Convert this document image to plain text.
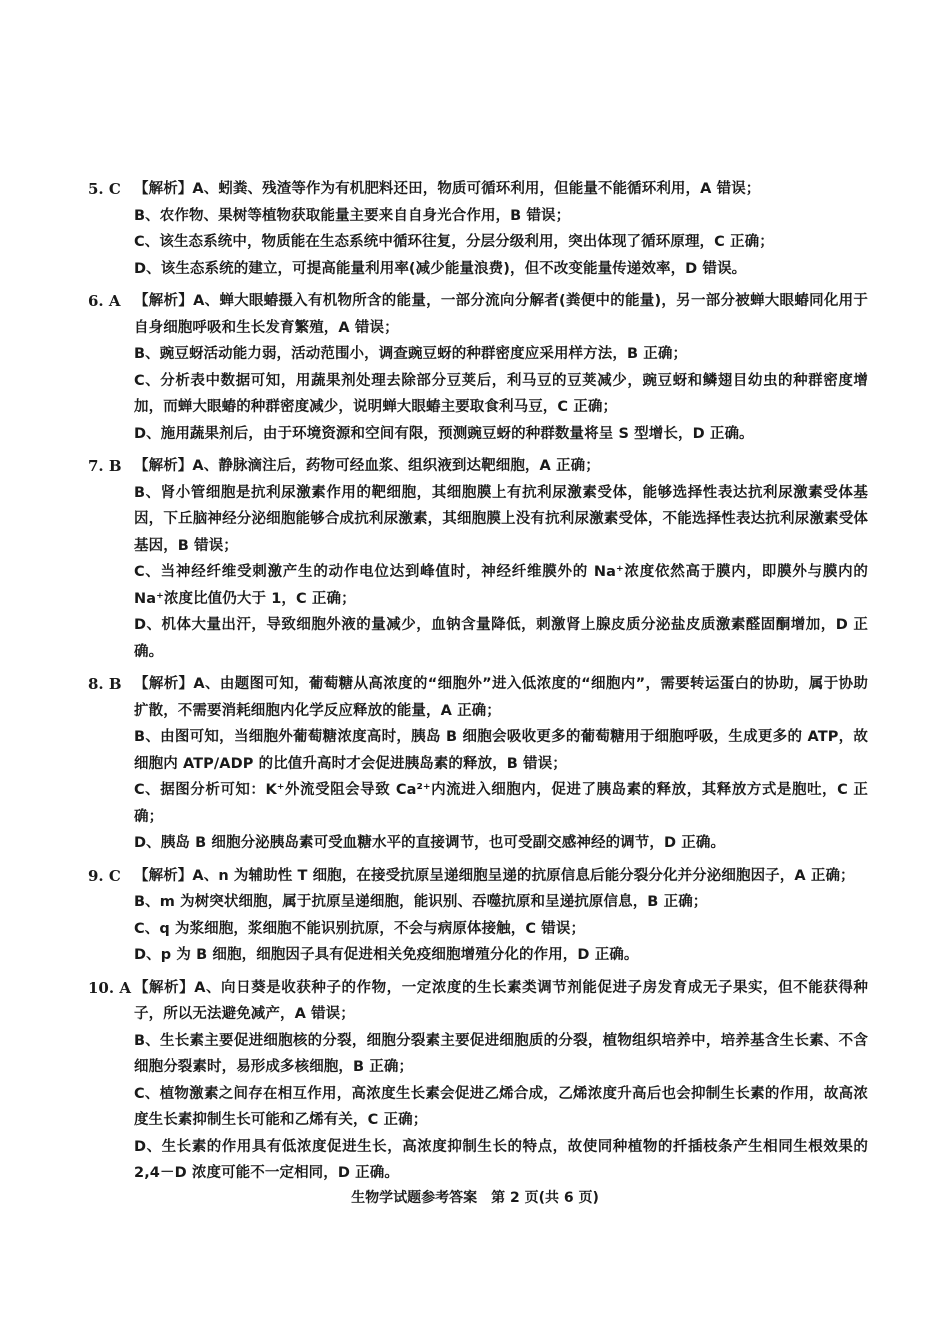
5. C 【解析】A、蚓粪、残渣等作为有机肥料还田，物质可循环利用，但能量不能循环利用，A 错误；

B、农作物、果树等植物获取能量主要来自自身光合作用，B 错误；

C、该生态系统中，物质能在生态系统中循环往复，分层分级利用，突出体现了循环原理，C 正确；

D、该生态系统的建立，可提高能量利用率(减少能量浪费)，但不改变能量传递效率，D 错误。

6. A 【解析】A、蝉大眼蝽摄入有机物所含的能量，一部分流向分解者(粪便中的能量)，另一部分被蝉大眼蝽同化用于自身细胞呼吸和生长发育繁殖，A 错误；

B、豌豆蚜活动能力弱，活动范围小，调查豌豆蚜的种群密度应采用样方法，B 正确；

C、分析表中数据可知，用蔬果剂处理去除部分豆荚后，利马豆的豆荚减少，豌豆蚜和鳞翅目幼虫的种群密度增加，而蝉大眼蝽的种群密度减少，说明蝉大眼蝽主要取食利马豆，C 正确；

D、施用蔬果剂后，由于环境资源和空间有限，预测豌豆蚜的种群数量将呈 S 型增长，D 正确。

7. B 【解析】A、静脉滴注后，药物可经血浆、组织液到达靶细胞，A 正确；

B、肾小管细胞是抗利尿激素作用的靶细胞，其细胞膜上有抗利尿激素受体，能够选择性表达抗利尿激素受体基因，下丘脑神经分泌细胞能够合成抗利尿激素，其细胞膜上没有抗利尿激素受体，不能选择性表达抗利尿激素受体基因，B 错误；

C、当神经纤维受刺激产生的动作电位达到峰值时，神经纤维膜外的 Na⁺浓度依然高于膜内，即膜外与膜内的 Na⁺浓度比值仍大于 1，C 正确；

D、机体大量出汗，导致细胞外液的量减少，血钠含量降低，刺激肾上腺皮质分泌盐皮质激素醛固酮增加，D 正确。

8. B 【解析】A、由题图可知，葡萄糖从高浓度的“细胞外”进入低浓度的“细胞内”，需要转运蛋白的协助，属于协助扩散，不需要消耗细胞内化学反应释放的能量，A 正确；

B、由图可知，当细胞外葡萄糖浓度高时，胰岛 B 细胞会吸收更多的葡萄糖用于细胞呼吸，生成更多的 ATP，故细胞内 ATP/ADP 的比值升高时才会促进胰岛素的释放，B 错误；

C、据图分析可知：K⁺外流受阻会导致 Ca²⁺内流进入细胞内，促进了胰岛素的释放，其释放方式是胞吐，C 正确；

D、胰岛 B 细胞分泌胰岛素可受血糖水平的直接调节，也可受副交感神经的调节，D 正确。

9. C 【解析】A、n 为辅助性 T 细胞，在接受抗原呈递细胞呈递的抗原信息后能分裂分化并分泌细胞因子，A 正确；

B、m 为树突状细胞，属于抗原呈递细胞，能识别、吞噬抗原和呈递抗原信息，B 正确；

C、q 为浆细胞，浆细胞不能识别抗原，不会与病原体接触，C 错误；

D、p 为 B 细胞，细胞因子具有促进相关免疫细胞增殖分化的作用，D 正确。

10. A 【解析】A、向日葵是收获种子的作物，一定浓度的生长素类调节剂能促进子房发育成无子果实，但不能获得种子，所以无法避免减产，A 错误；

B、生长素主要促进细胞核的分裂，细胞分裂素主要促进细胞质的分裂，植物组织培养中，培养基含生长素、不含细胞分裂素时，易形成多核细胞，B 正确；

C、植物激素之间存在相互作用，高浓度生长素会促进乙烯合成，乙烯浓度升高后也会抑制生长素的作用，故高浓度生长素抑制生长可能和乙烯有关，C 正确；

D、生长素的作用具有低浓度促进生长，高浓度抑制生长的特点，故使同种植物的扦插枝条产生相同生根效果的 2,4－D 浓度可能不一定相同，D 正确。

生物学试题参考答案　第 2 页(共 6 页)
